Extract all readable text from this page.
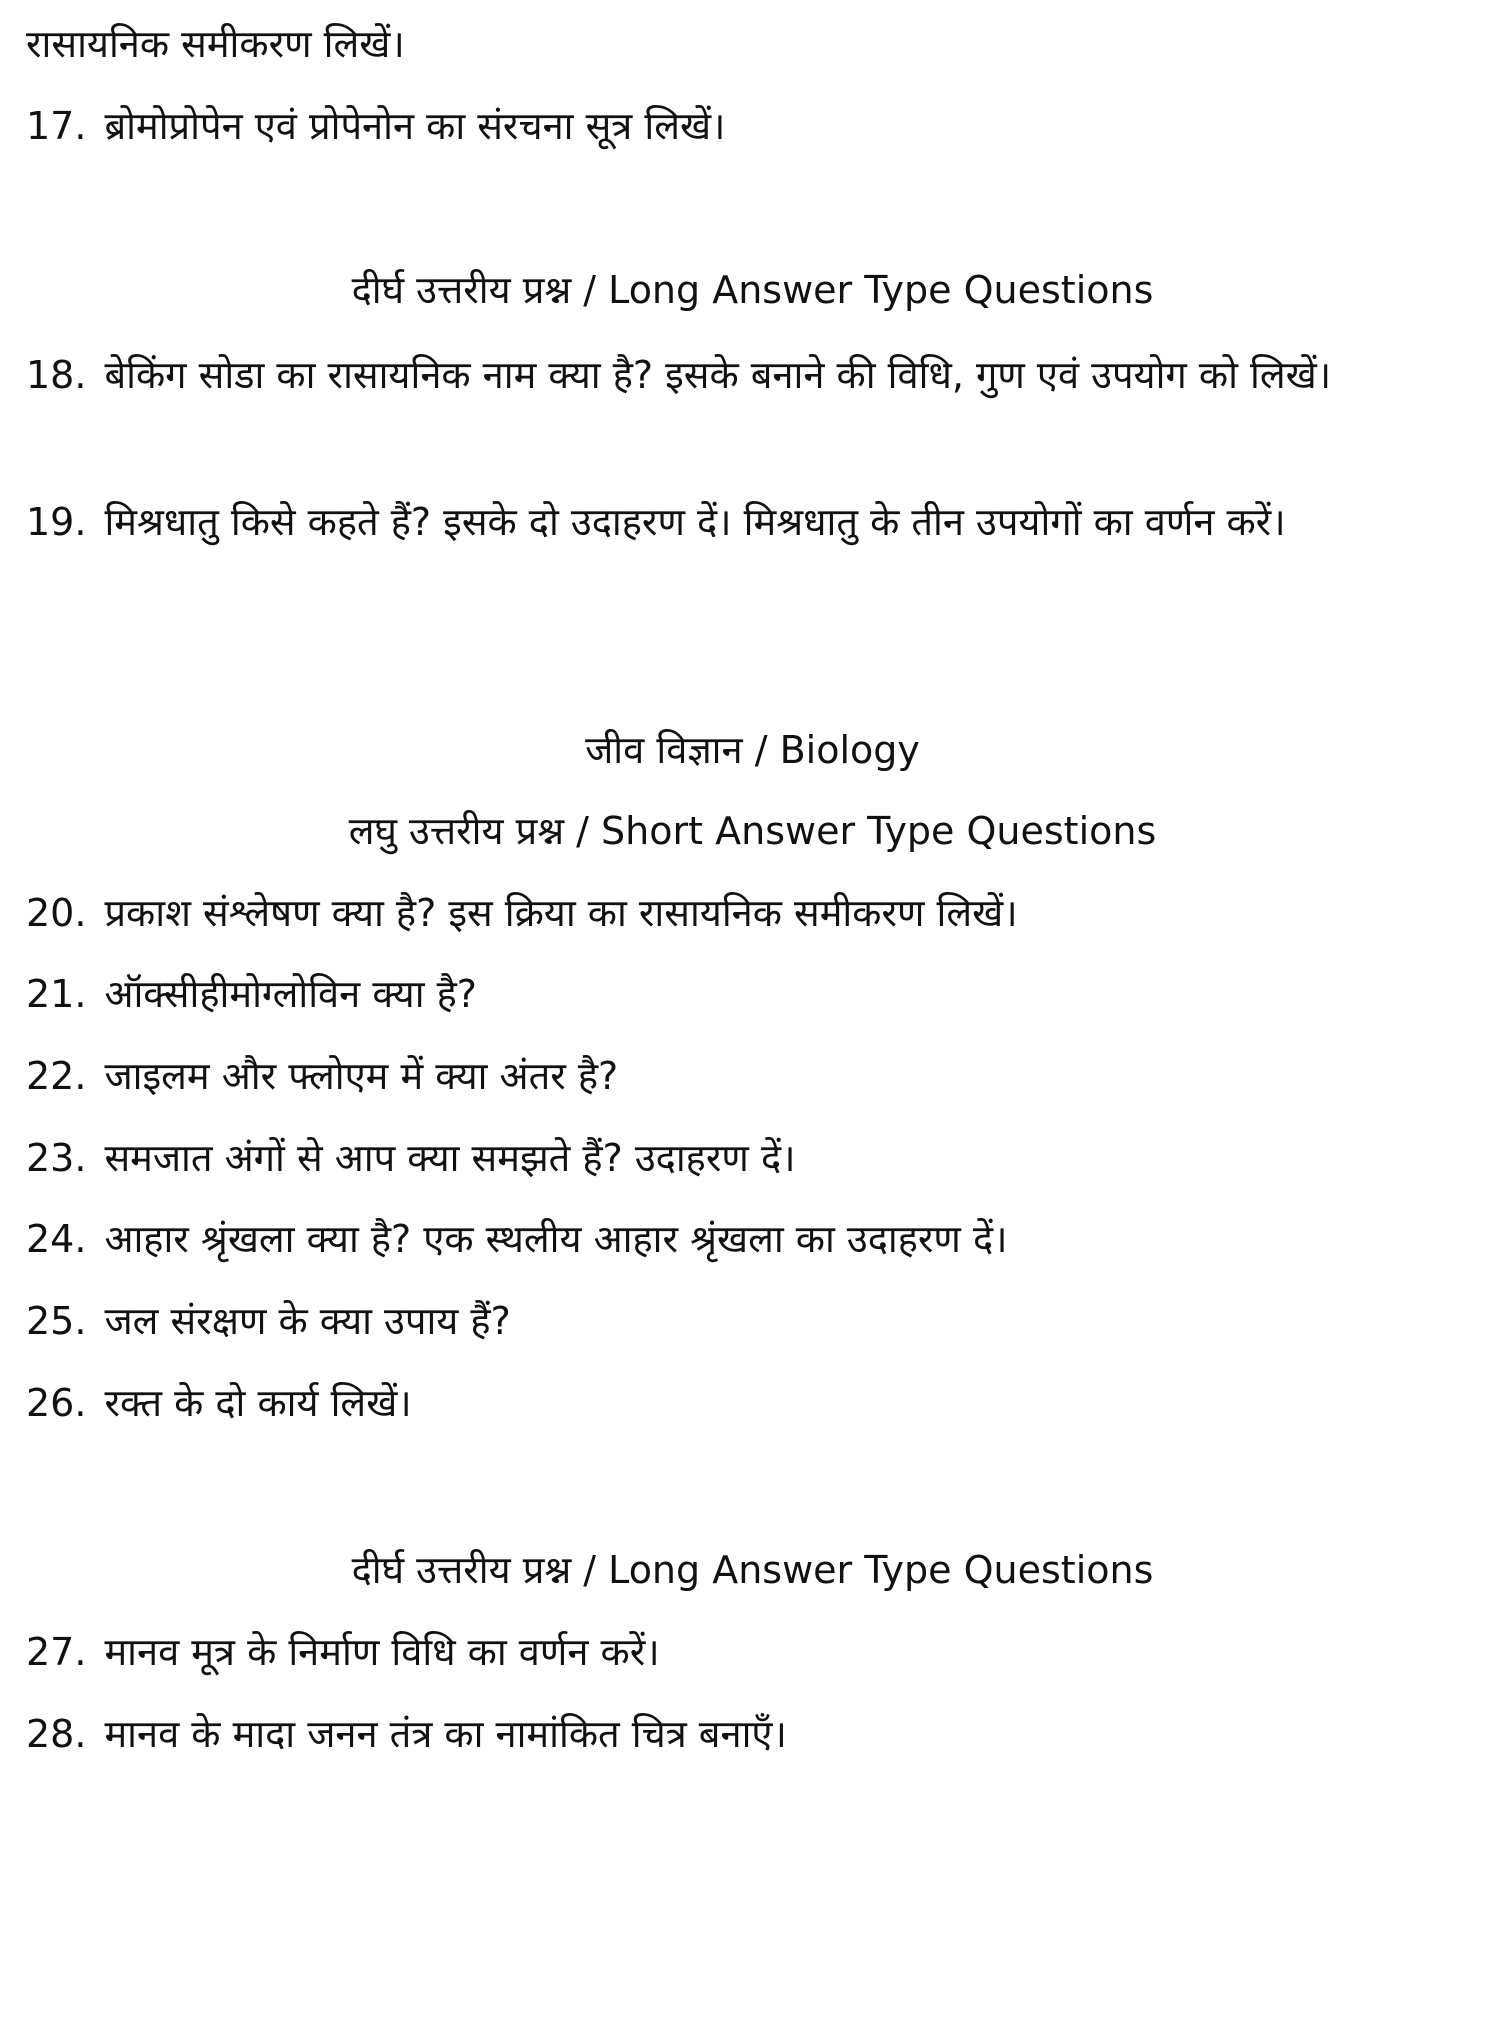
रासायनिक समीकरण लिखें।
17. ब्रोमोप्रोपेन एवं प्रोपेनोन का संरचना सूत्र लिखें।
दीर्घ उत्तरीय प्रश्न / Long Answer Type Questions
18. बेकिंग सोडा का रासायनिक नाम क्या है? इसके बनाने की विधि, गुण एवं उपयोग को लिखें।
19. मिश्रधातु किसे कहते हैं? इसके दो उदाहरण दें। मिश्रधातु के तीन उपयोगों का वर्णन करें।
जीव विज्ञान / Biology
लघु उत्तरीय प्रश्न / Short Answer Type Questions
20. प्रकाश संश्लेषण क्या है? इस क्रिया का रासायनिक समीकरण लिखें।
21. ऑक्सीहीमोग्लोविन क्या है?
22. जाइलम और फ्लोएम में क्या अंतर है?
23. समजात अंगों से आप क्या समझते हैं? उदाहरण दें।
24. आहार श्रृंखला क्या है? एक स्थलीय आहार श्रृंखला का उदाहरण दें।
25. जल संरक्षण के क्या उपाय हैं?
26. रक्त के दो कार्य लिखें।
दीर्घ उत्तरीय प्रश्न / Long Answer Type Questions
27. मानव मूत्र के निर्माण विधि का वर्णन करें।
28. मानव के मादा जनन तंत्र का नामांकित चित्र बनाएँ।
